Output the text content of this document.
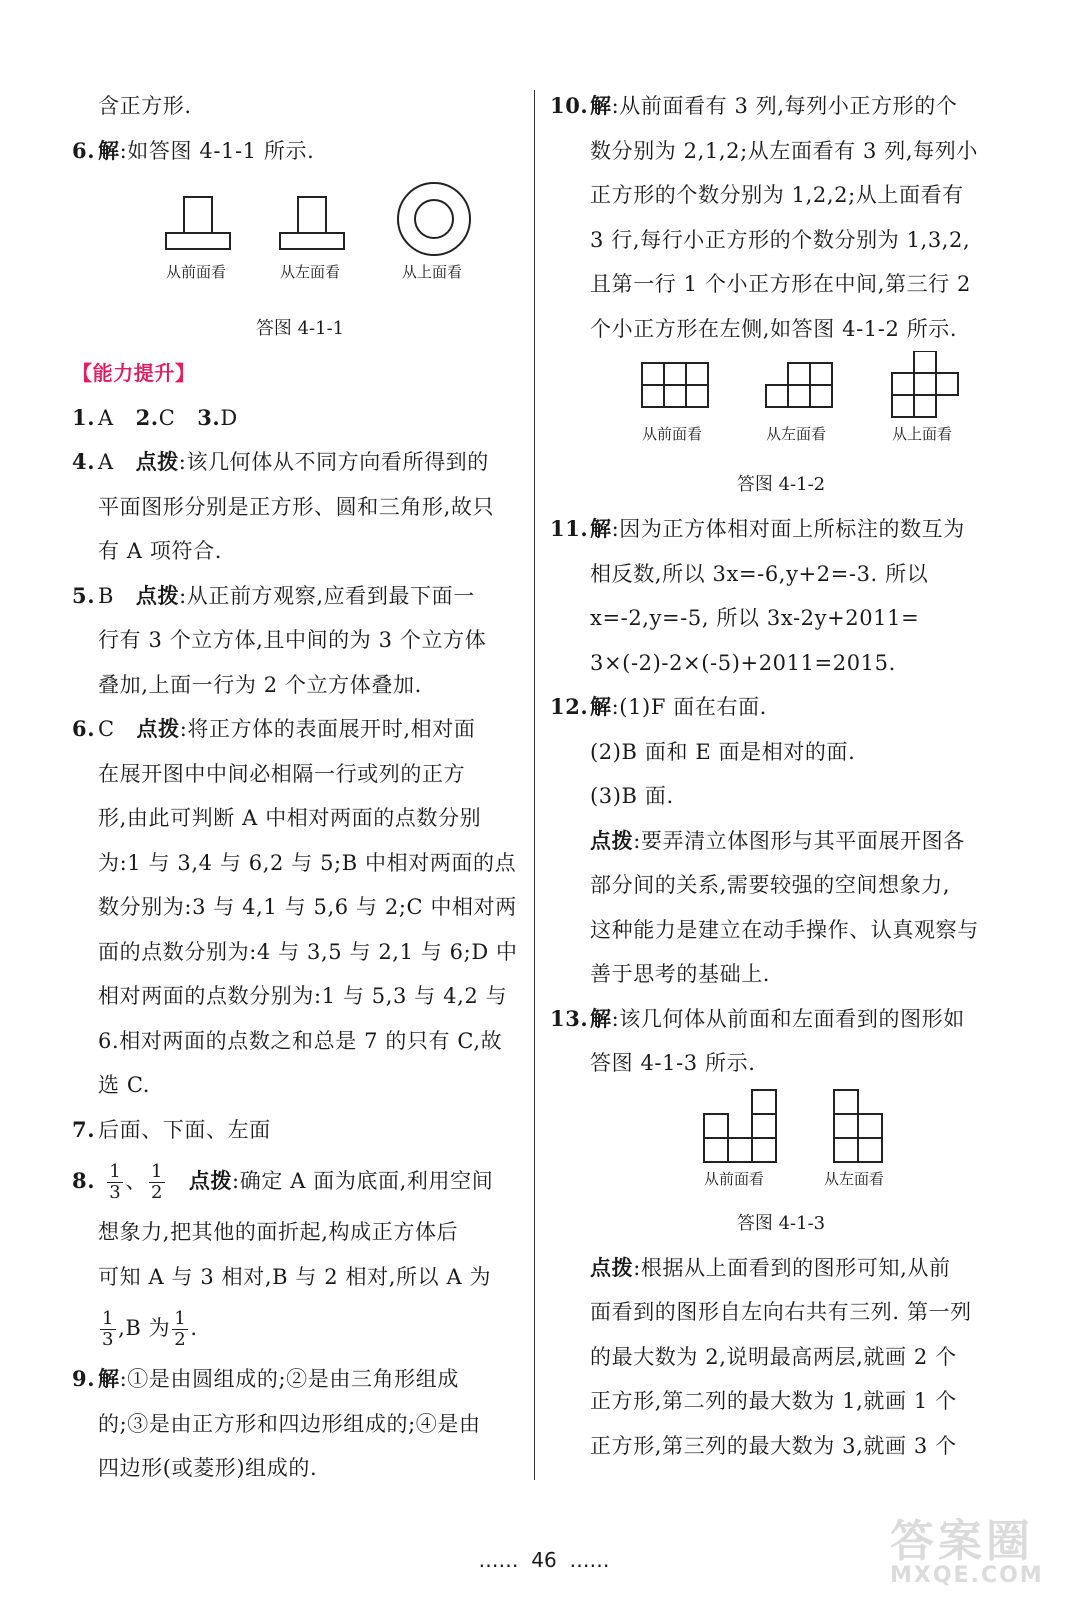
含正方形.
6. 解:如答图 4-1-1 所示.
从前面看	从左面看	从上面看
答图 4-1-1
【能力提升】
1. A 2.C 3.D
4. A 点拨:该几何体从不同方向看所得到的
平面图形分别是正方形、圆和三角形,故只
有 A 项符合.
5. B 点拨:从正前方观察,应看到最下面一
行有 3 个立方体,且中间的为 3 个立方体
叠加,上面一行为 2 个立方体叠加.
6. C 点拨:将正方体的表面展开时,相对面
在展开图中中间必相隔一行或列的正方
形,由此可判断 A 中相对两面的点数分别
为:1 与 3,4 与 6,2 与 5;B 中相对两面的点
数分别为:3 与 4,1 与 5,6 与 2;C 中相对两
面的点数分别为:4 与 3,5 与 2,1 与 6;D 中
相对两面的点数分别为:1 与 5,3 与 4,2 与
6.相对两面的点数之和总是 7 的只有 C,故
选 C.
7. 后面、下面、左面
8. $\frac{1}{3}$ 、 $\frac{1}{2}$ 点拨:确定 A 面为底面,利用空间
想象力,把其他的面折起,构成正方体后
可知 A 与 3 相对,B 与 2 相对,所以 A 为
$\frac{1}{3} ,B$ 为 $\frac{1}{2}$ .
9. 解:①是由圆组成的;②是由三角形组成
的;③是由正方形和四边形组成的;④是由
四边形(或菱形)组成的.
10.解:从前面看有 3 列,每列小正方形的个
数分别为 2,1,2;从左面看有 3 列,每列小
正方形的个数分别为 1,2,2;从上面看有
3 行,每行小正方形的个数分别为 1,3,2,
且第一行 1 个小正方形在中间,第三行 2
个小正方形在左侧,如答图 4-1-2 所示.
从前面看	从左面看	从上面看
答图 4-1-2
11.解:因为正方体相对面上所标注的数互为
相反数,所以 3x=-6,y+2=-3. 所以
x=-2,y=-5, 所以 3x-2y+2011=
3×(-2)-2×(-5)+2011=2015.
12.解:(1)F 面在右面.
(2)B 面和 E 面是相对的面.
(3)B 面.
点拨:要弄清立体图形与其平面展开图各
部分间的关系,需要较强的空间想象力,
这种能力是建立在动手操作、认真观察与
善于思考的基础上.
13.解:该几何体从前面和左面看到的图形如
答图 4-1-3 所示.
从前面看	从左面看
答图 4-1-3
点拨:根据从上面看到的图形可知,从前
面看到的图形自左向右共有三列. 第一列
的最大数为 2,说明最高两层,就画 2 个
正方形,第二列的最大数为 1,就画 1 个
正方形,第三列的最大数为 3,就画 3 个
…… 46 ……	答案圈
MXQE.COM
